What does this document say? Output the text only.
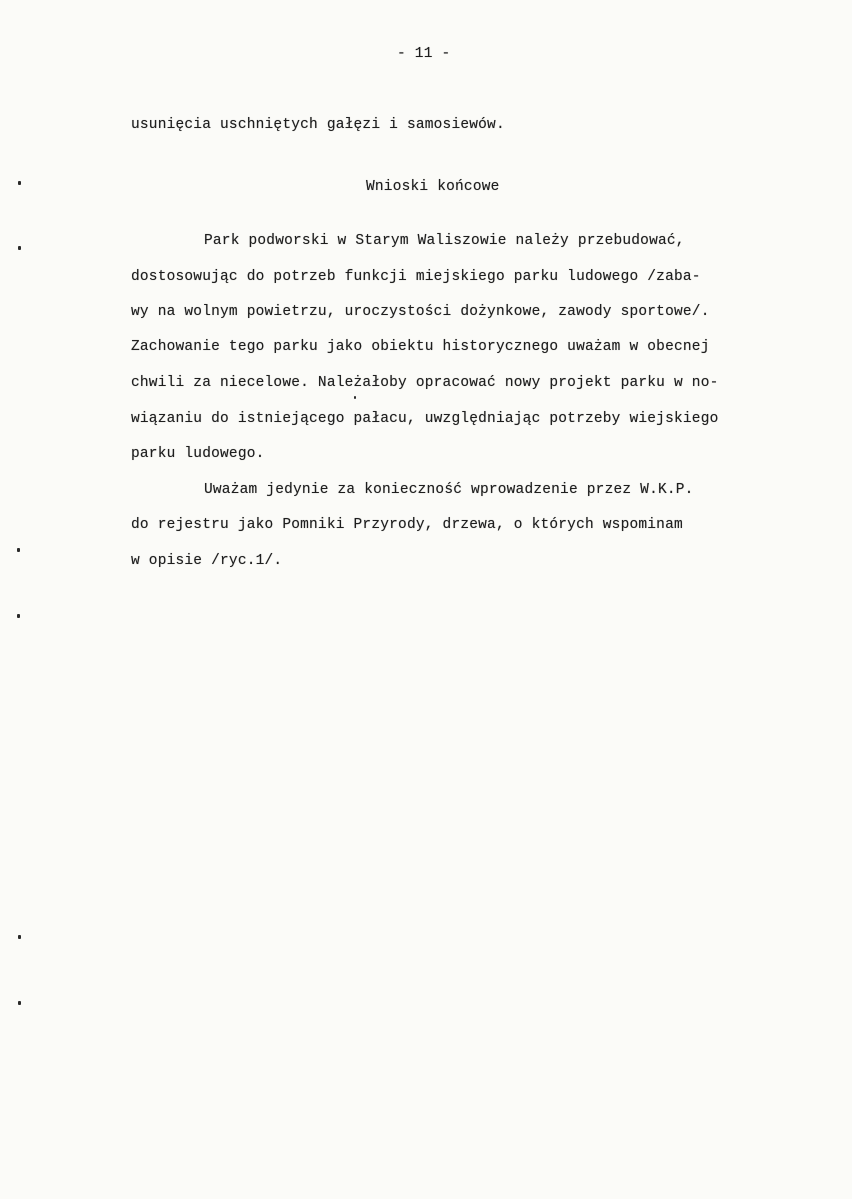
- 11 -
usunięcia uschniętych gałęzi i samosiewów.
Wnioski końcowe
Park podworski w Starym Waliszowie należy przebudować,
dostosowując do potrzeb funkcji miejskiego parku ludowego /zaba-
wy na wolnym powietrzu, uroczystości dożynkowe, zawody sportowe/.
Zachowanie tego parku jako obiektu historycznego uważam w obecnej
chwili za niecelowe. Należałoby opracować nowy projekt parku w no-
wiązaniu do istniejącego pałacu, uwzględniając potrzeby wiejskiego
parku ludowego.
Uważam jedynie za konieczność wprowadzenie przez W.K.P.
do rejestru jako Pomniki Przyrody, drzewa, o których wspominam
w opisie /ryc.1/.
